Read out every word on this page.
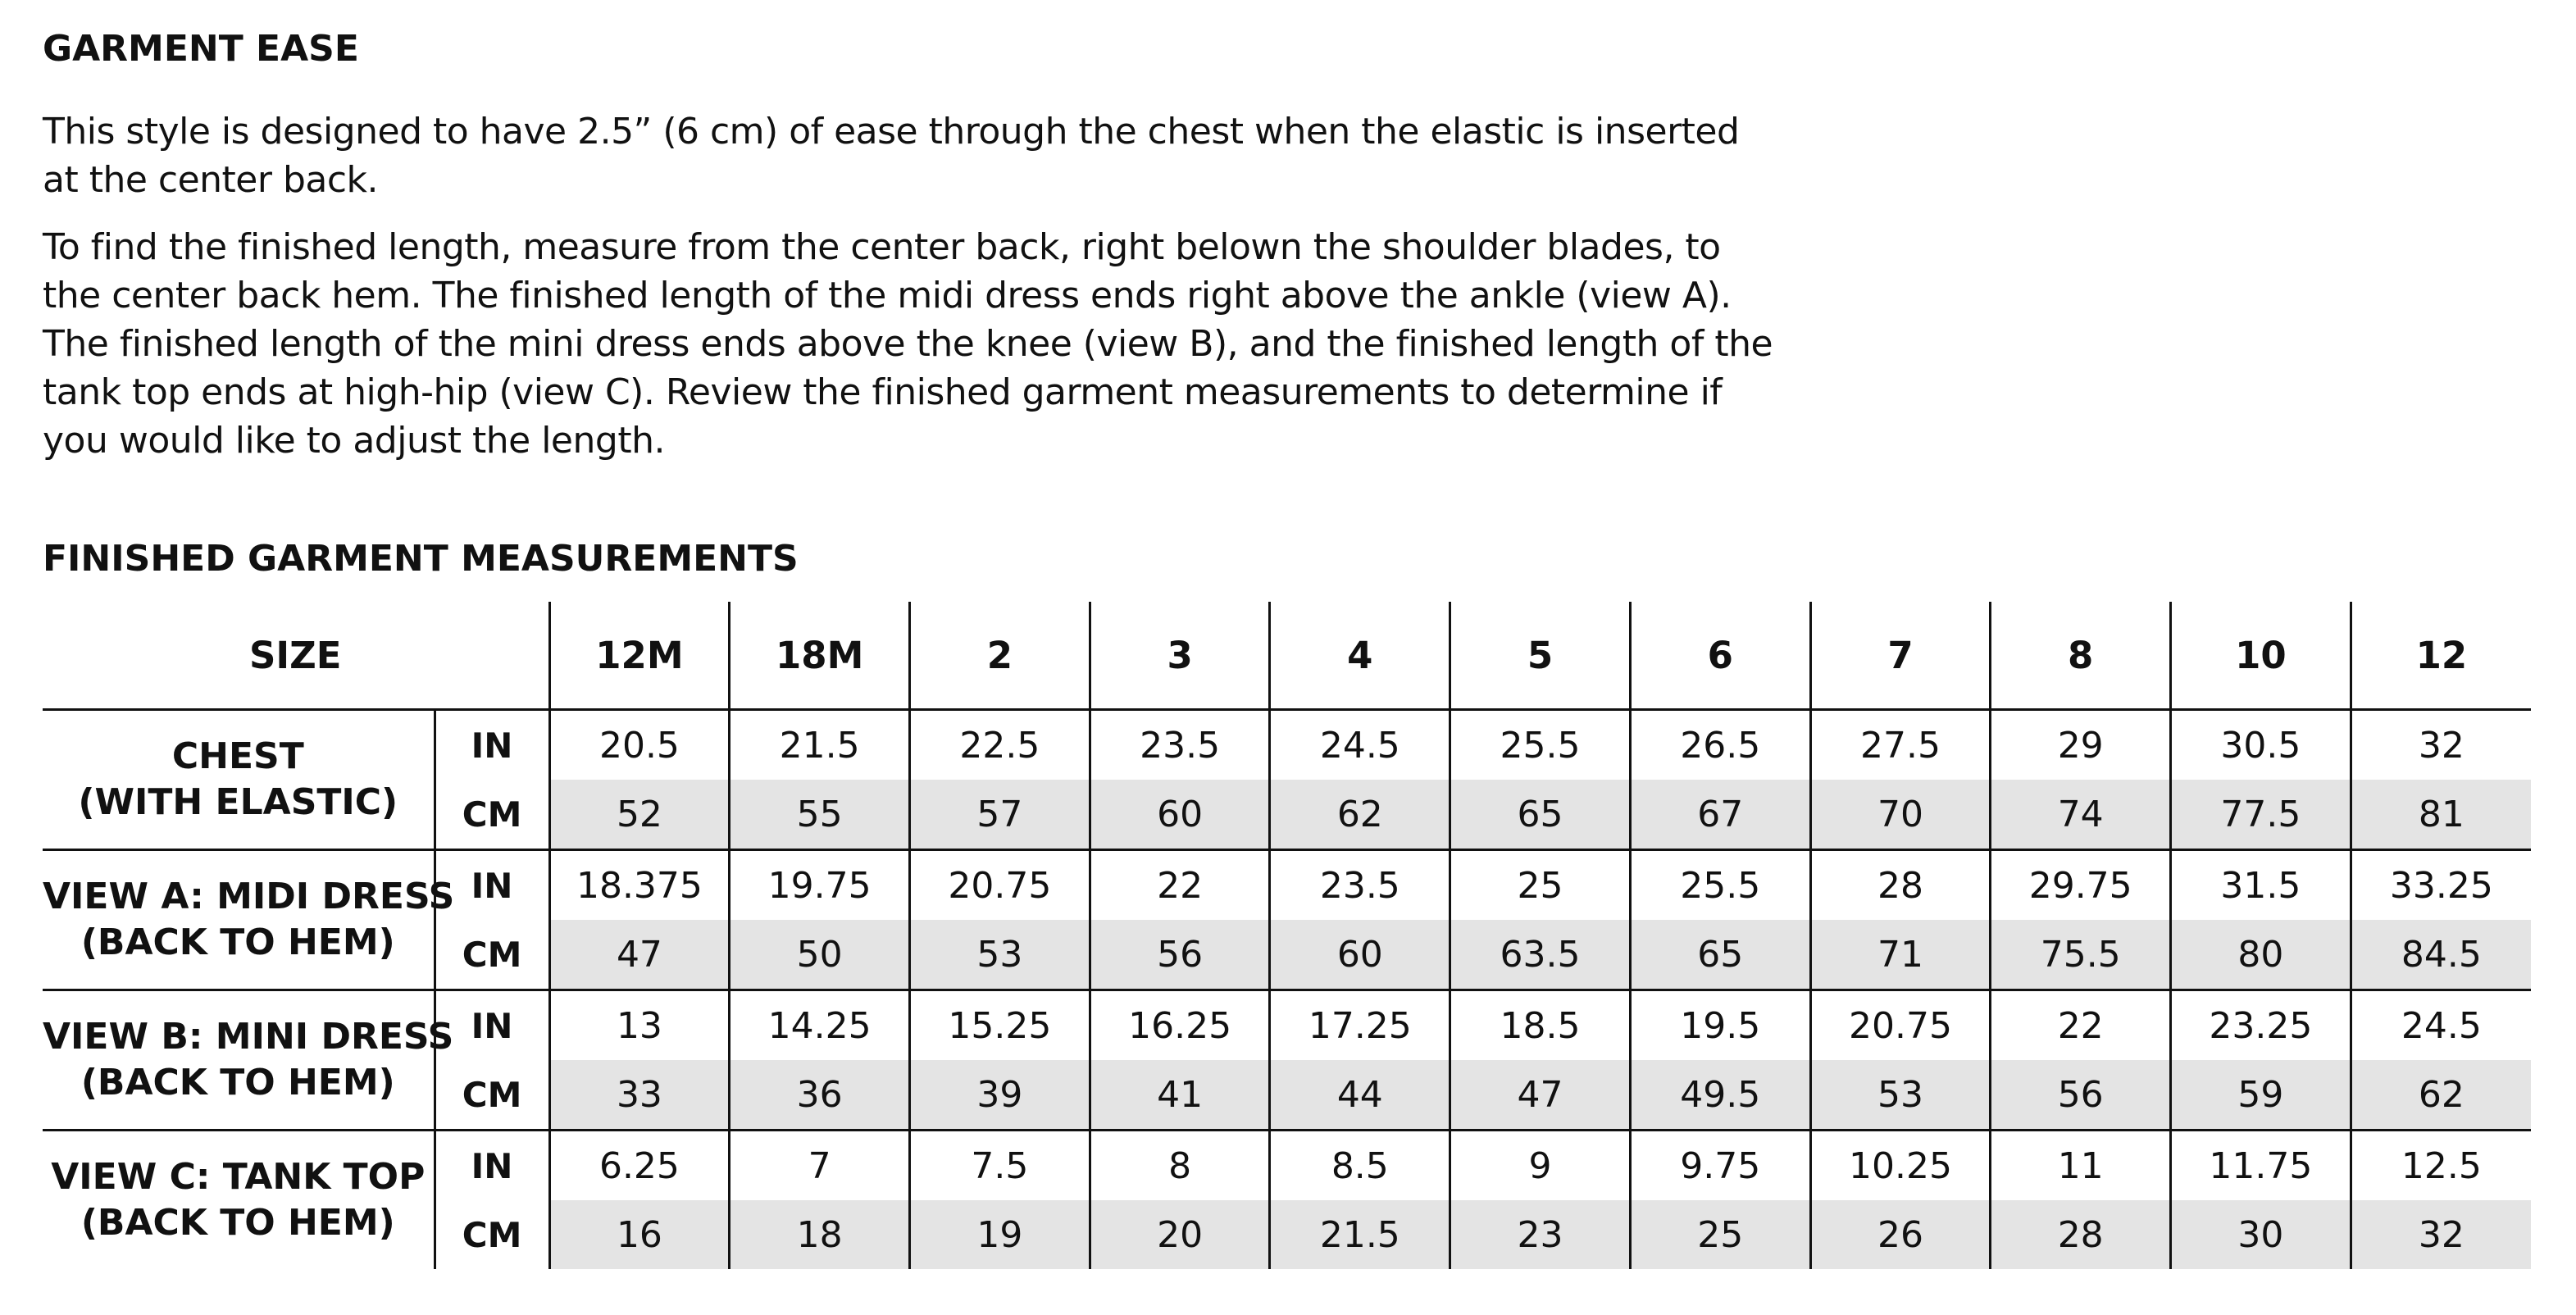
GARMENT EASE
This style is designed to have 2.5” (6 cm) of ease through the chest when the elastic is inserted
at the center back.
To find the finished length, measure from the center back, right belown the shoulder blades, to
the center back hem. The finished length of the midi dress ends right above the ankle (view A).
The finished length of the mini dress ends above the knee (view B), and the finished length of the
tank top ends at high-hip (view C). Review the finished garment measurements to determine if
you would like to adjust the length.
FINISHED GARMENT MEASUREMENTS
SIZE		12M	18M	2	3	4	5	6	7	8	10	12

CHEST
(WITH ELASTIC)	IN	20.5	21.5	22.5	23.5	24.5	25.5	26.5	27.5	29	30.5	32
	CM	52	55	57	60	62	65	67	70	74	77.5	81

VIEW A: MIDI DRESS
(BACK TO HEM)	IN	18.375	19.75	20.75	22	23.5	25	25.5	28	29.75	31.5	33.25
	CM	47	50	53	56	60	63.5	65	71	75.5	80	84.5

VIEW B: MINI DRESS
(BACK TO HEM)	IN	13	14.25	15.25	16.25	17.25	18.5	19.5	20.75	22	23.25	24.5
	CM	33	36	39	41	44	47	49.5	53	56	59	62

VIEW C: TANK TOP
(BACK TO HEM)	IN	6.25	7	7.5	8	8.5	9	9.75	10.25	11	11.75	12.5
	CM	16	18	19	20	21.5	23	25	26	28	30	32
